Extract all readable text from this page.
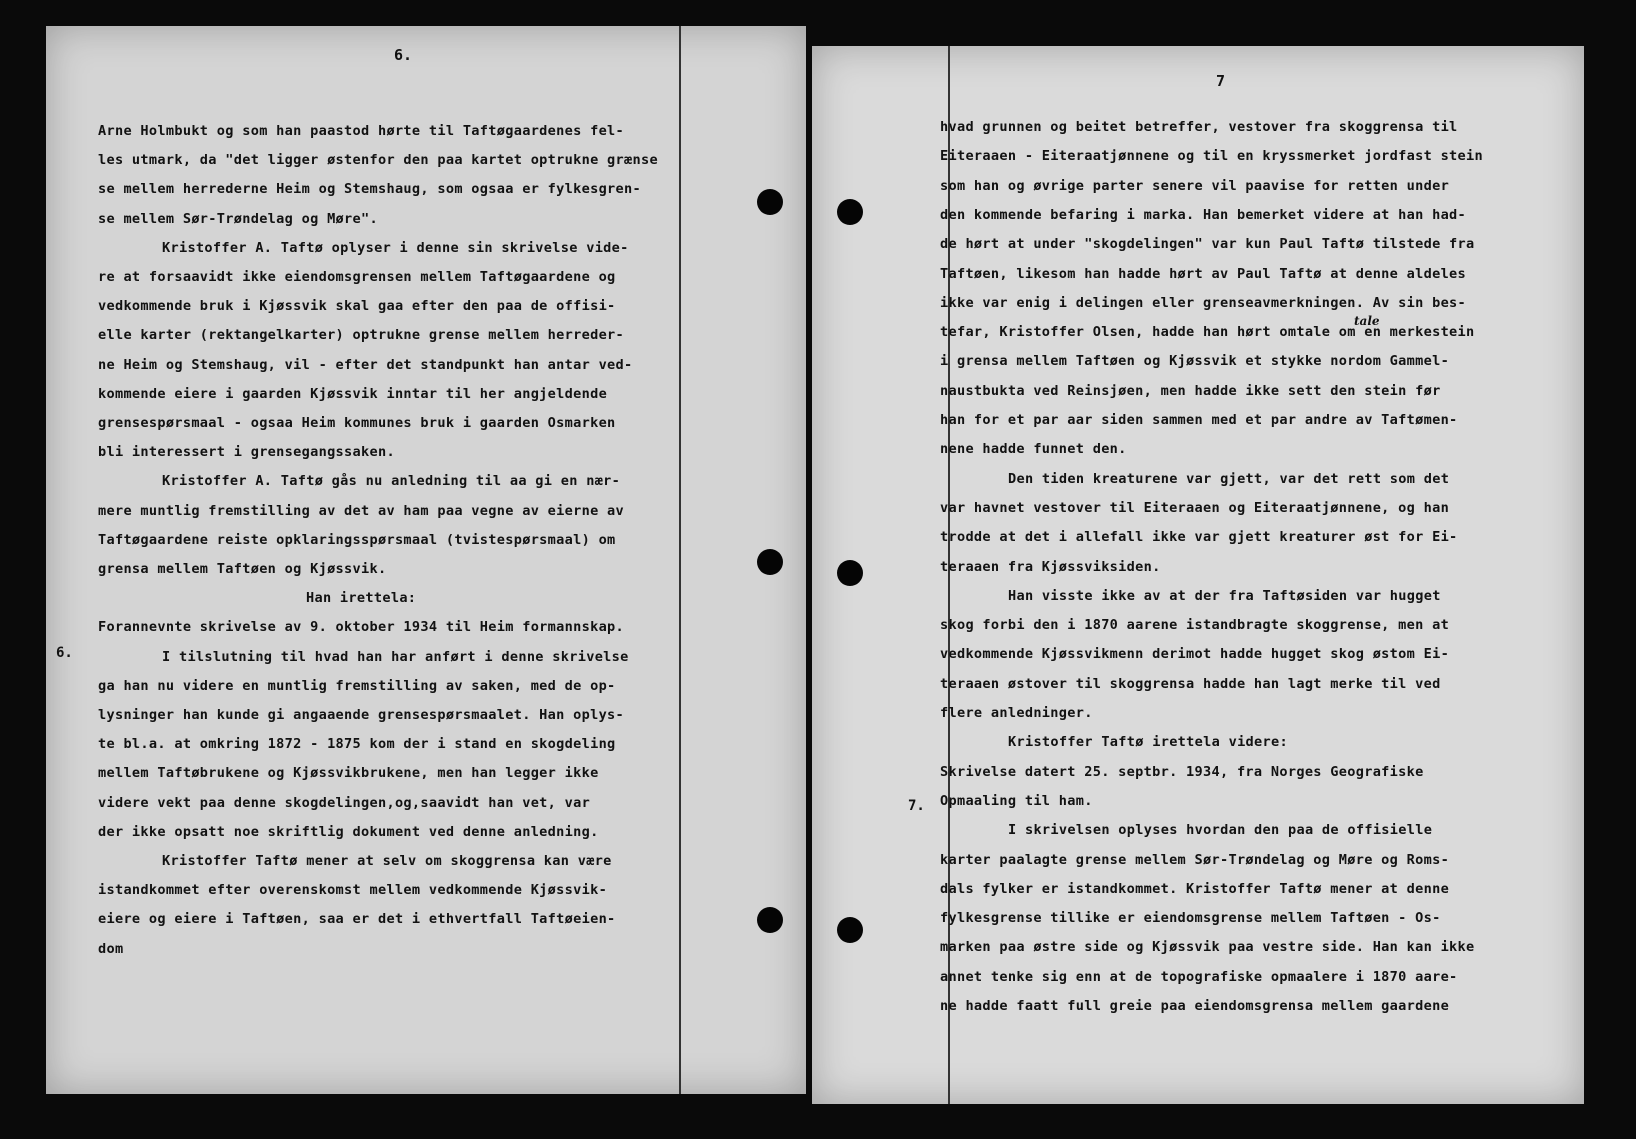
6.
6.
Arne Holmbukt og som han paastod hørte til Taftøgaardenes fel-
les utmark, da "det ligger østenfor den paa kartet optrukne grænse
se mellem herrederne Heim og Stemshaug, som ogsaa er fylkesgren-
se mellem Sør-Trøndelag og Møre".
Kristoffer A. Taftø oplyser i denne sin skrivelse vide-
re at forsaavidt ikke eiendomsgrensen mellem Taftøgaardene og
vedkommende bruk i Kjøssvik skal gaa efter den paa de offisi-
elle karter (rektangelkarter) optrukne grense mellem herreder-
ne Heim og Stemshaug, vil - efter det standpunkt han antar ved-
kommende eiere i gaarden Kjøssvik inntar til her angjeldende
grensespørsmaal - ogsaa Heim kommunes bruk i gaarden Osmarken
bli interessert i grensegangssaken.
Kristoffer A. Taftø gås nu anledning til aa gi en nær-
mere muntlig fremstilling av det av ham paa vegne av eierne av
Taftøgaardene reiste opklaringsspørsmaal (tvistespørsmaal) om
grensa mellem Taftøen og Kjøssvik.
Han irettela:
Forannevnte skrivelse av 9. oktober 1934 til Heim formannskap.
I tilslutning til hvad han har anført i denne skrivelse
ga han nu videre en muntlig fremstilling av saken, med de op-
lysninger han kunde gi angaaende grensespørsmaalet. Han oplys-
te bl.a. at omkring 1872 - 1875 kom der i stand en skogdeling
mellem Taftøbrukene og Kjøssvikbrukene, men han legger ikke
videre vekt paa denne skogdelingen,og,saavidt han vet, var
der ikke opsatt noe skriftlig dokument ved denne anledning.
Kristoffer Taftø mener at selv om skoggrensa kan være
istandkommet efter overenskomst mellem vedkommende Kjøssvik-
eiere og eiere i Taftøen, saa er det i ethvertfall Taftøeien-
dom
7
7.
tale
hvad grunnen og beitet betreffer, vestover fra skoggrensa til
Eiteraaen - Eiteraatjønnene og til en kryssmerket jordfast stein
som han og øvrige parter senere vil paavise for retten under
den kommende befaring i marka. Han bemerket videre at han had-
de hørt at under "skogdelingen" var kun Paul Taftø tilstede fra
Taftøen, likesom han hadde hørt av Paul Taftø at denne aldeles
ikke var enig i delingen eller grenseavmerkningen. Av sin bes-
tefar, Kristoffer Olsen, hadde han hørt omtale om en merkestein
i grensa mellem Taftøen og Kjøssvik et stykke nordom Gammel-
naustbukta ved Reinsjøen, men hadde ikke sett den stein før
han for et par aar siden sammen med et par andre av Taftømen-
nene hadde funnet den.
Den tiden kreaturene var gjett, var det rett som det
var havnet vestover til Eiteraaen og Eiteraatjønnene, og han
trodde at det i allefall ikke var gjett kreaturer øst for Ei-
teraaen fra Kjøssviksiden.
Han visste ikke av at der fra Taftøsiden var hugget
skog forbi den i 1870 aarene istandbragte skoggrense, men at
vedkommende Kjøssvikmenn derimot hadde hugget skog østom Ei-
teraaen østover til skoggrensa hadde han lagt merke til ved
flere anledninger.
Kristoffer Taftø irettela videre:
Skrivelse datert 25. septbr. 1934, fra Norges Geografiske
Opmaaling til ham.
I skrivelsen oplyses hvordan den paa de offisielle
karter paalagte grense mellem Sør-Trøndelag og Møre og Roms-
dals fylker er istandkommet. Kristoffer Taftø mener at denne
fylkesgrense tillike er eiendomsgrense mellem Taftøen - Os-
marken paa østre side og Kjøssvik paa vestre side. Han kan ikke
annet tenke sig enn at de topografiske opmaalere i 1870 aare-
ne hadde faatt full greie paa eiendomsgrensa mellem gaardene
